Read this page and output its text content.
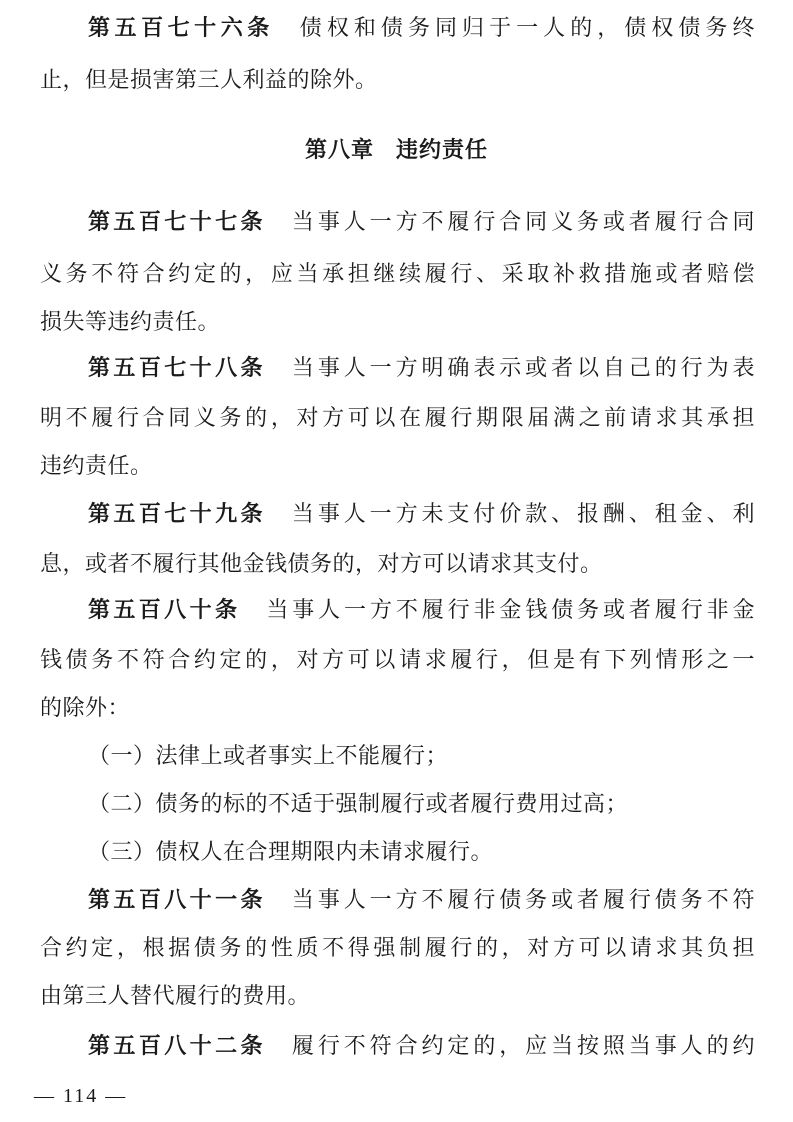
第五百七十六条 债权和债务同归于一人的，债权债务终
止，但是损害第三人利益的除外。
第八章 违约责任
第五百七十七条 当事人一方不履行合同义务或者履行合同
义务不符合约定的，应当承担继续履行、采取补救措施或者赔偿
损失等违约责任。
第五百七十八条 当事人一方明确表示或者以自己的行为表
明不履行合同义务的，对方可以在履行期限届满之前请求其承担
违约责任。
第五百七十九条 当事人一方未支付价款、报酬、租金、利
息，或者不履行其他金钱债务的，对方可以请求其支付。
第五百八十条 当事人一方不履行非金钱债务或者履行非金
钱债务不符合约定的，对方可以请求履行，但是有下列情形之一
的除外：
（一）法律上或者事实上不能履行；
（二）债务的标的不适于强制履行或者履行费用过高；
（三）债权人在合理期限内未请求履行。
第五百八十一条 当事人一方不履行债务或者履行债务不符
合约定，根据债务的性质不得强制履行的，对方可以请求其负担
由第三人替代履行的费用。
第五百八十二条 履行不符合约定的，应当按照当事人的约
— 114 —
